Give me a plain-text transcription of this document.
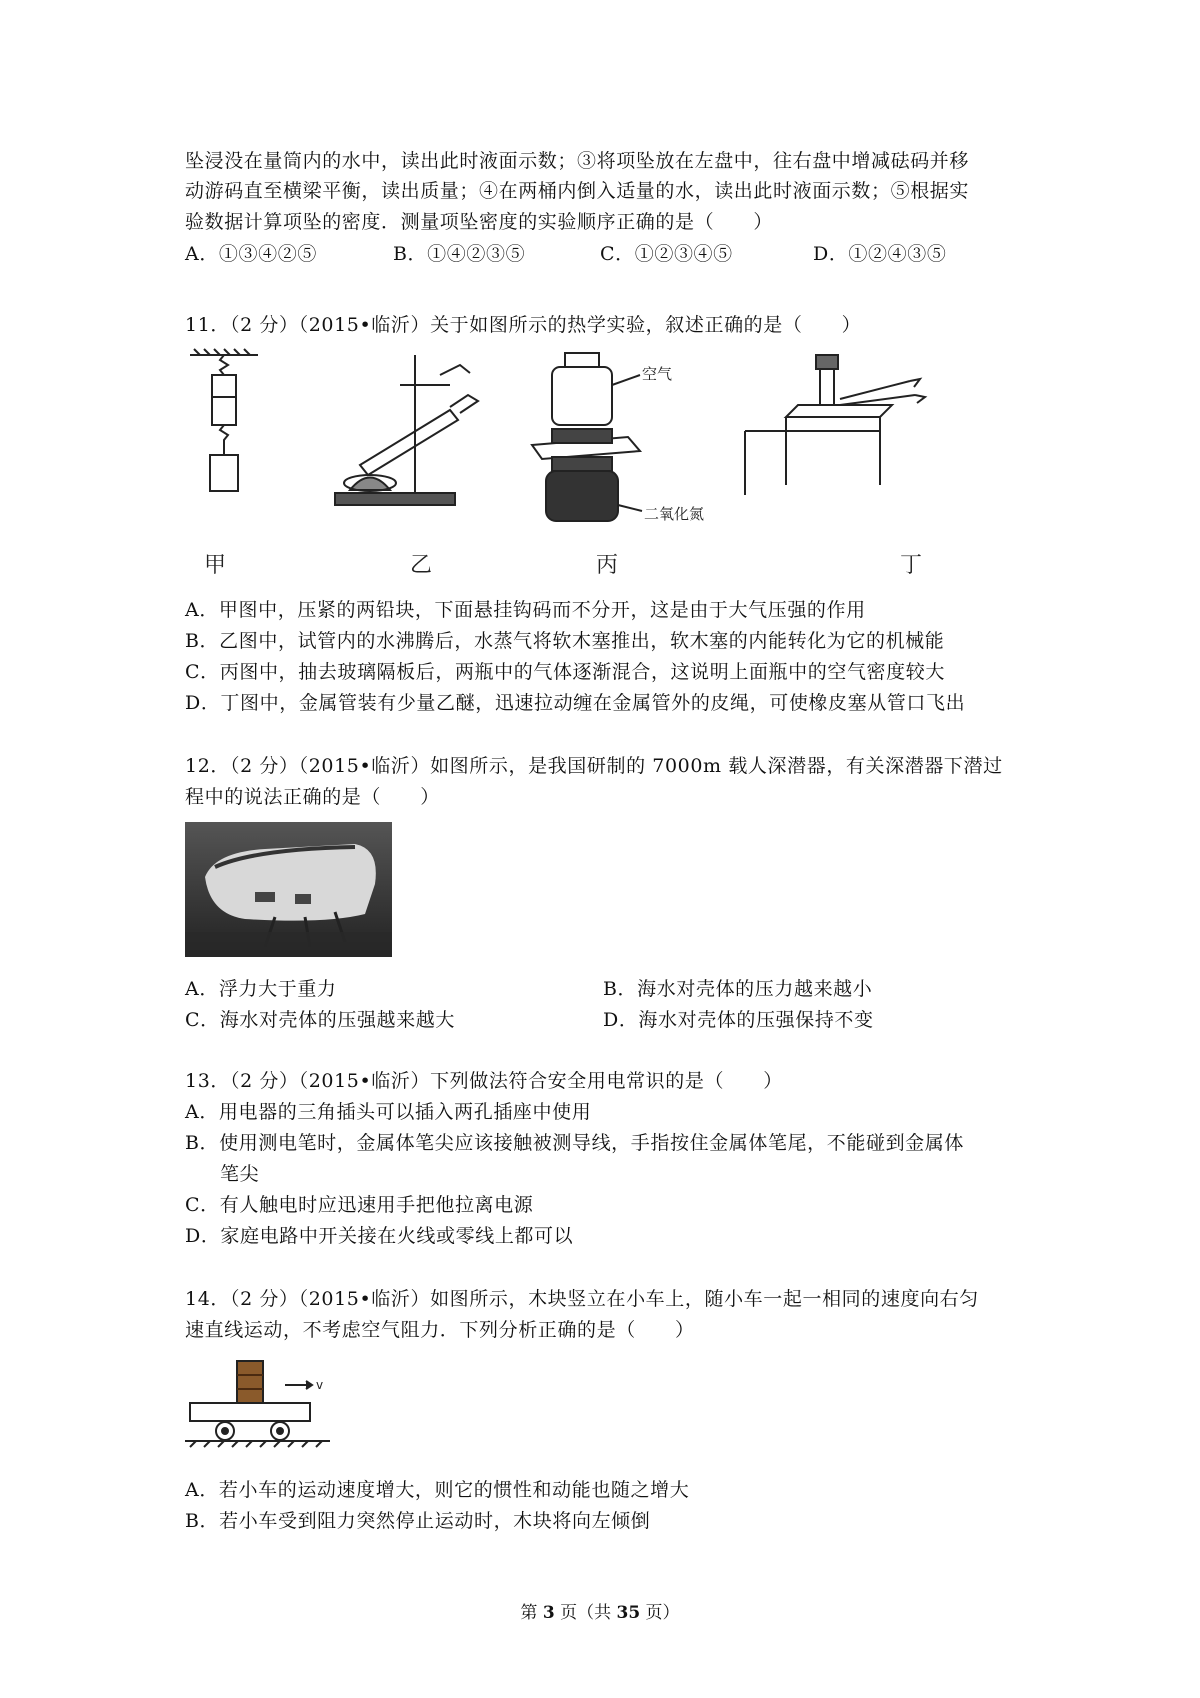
坠浸没在量筒内的水中，读出此时液面示数；③将项坠放在左盘中，往右盘中增减砝码并移
动游码直至横梁平衡，读出质量；④在两桶内倒入适量的水，读出此时液面示数；⑤根据实
验数据计算项坠的密度．测量项坠密度的实验顺序正确的是（　　）
A．①③④②⑤	B．①④②③⑤	C．①②③④⑤	D．①②④③⑤
11．（2 分）（2015•临沂）关于如图所示的热学实验，叙述正确的是（　　）
空气
二氧化氮
甲	乙	丙	丁
A．甲图中，压紧的两铅块，下面悬挂钩码而不分开，这是由于大气压强的作用
B．乙图中，试管内的水沸腾后，水蒸气将软木塞推出，软木塞的内能转化为它的机械能
C．丙图中，抽去玻璃隔板后，两瓶中的气体逐渐混合，这说明上面瓶中的空气密度较大
D．丁图中，金属管装有少量乙醚，迅速拉动缠在金属管外的皮绳，可使橡皮塞从管口飞出
12．（2 分）（2015•临沂）如图所示，是我国研制的 7000m 载人深潜器，有关深潜器下潜过
程中的说法正确的是（　　）
A．浮力大于重力	B．海水对壳体的压力越来越小
C．海水对壳体的压强越来越大	D．海水对壳体的压强保持不变
13．（2 分）（2015•临沂）下列做法符合安全用电常识的是（　　）
A．用电器的三角插头可以插入两孔插座中使用
B．使用测电笔时，金属体笔尖应该接触被测导线，手指按住金属体笔尾，不能碰到金属体
笔尖
C．有人触电时应迅速用手把他拉离电源
D．家庭电路中开关接在火线或零线上都可以
14．（2 分）（2015•临沂）如图所示，木块竖立在小车上，随小车一起一相同的速度向右匀
速直线运动，不考虑空气阻力．下列分析正确的是（　　）
v
A．若小车的运动速度增大，则它的惯性和动能也随之增大
B．若小车受到阻力突然停止运动时，木块将向左倾倒
第 3 页（共 35 页）
